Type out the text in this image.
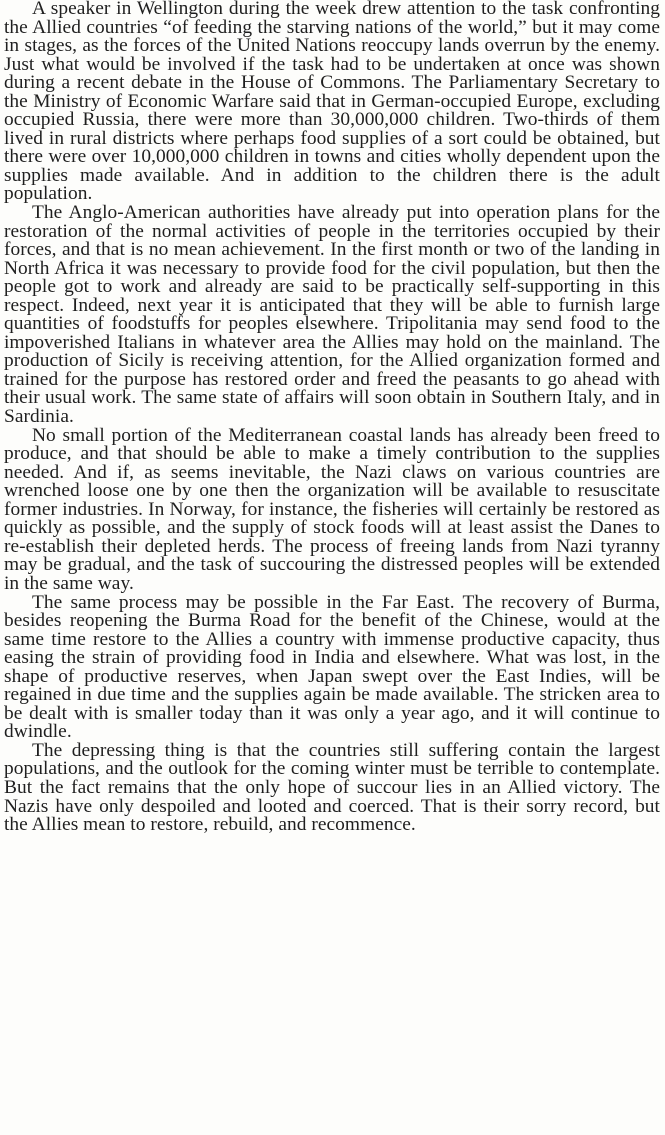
A speaker in Wellington during the week drew attention to the task confronting the Allied countries “of feeding the starving nations of the world,” but it may come in stages, as the forces of the United Nations reoccupy lands overrun by the enemy. Just what would be involved if the task had to be undertaken at once was shown during a recent debate in the House of Commons. The Parliamentary Secretary to the Ministry of Economic Warfare said that in German-occupied Europe, excluding occupied Russia, there were more than 30,000,000 children. Two-thirds of them lived in rural districts where perhaps food supplies of a sort could be obtained, but there were over 10,000,000 children in towns and cities wholly dependent upon the supplies made available. And in addition to the children there is the adult population.

The Anglo-American authorities have already put into operation plans for the restoration of the normal activities of people in the territories occupied by their forces, and that is no mean achievement. In the first month or two of the landing in North Africa it was necessary to provide food for the civil population, but then the people got to work and already are said to be practically self-supporting in this respect. Indeed, next year it is anticipated that they will be able to furnish large quantities of foodstuffs for peoples elsewhere. Tripolitania may send food to the impoverished Italians in whatever area the Allies may hold on the mainland. The production of Sicily is receiving attention, for the Allied organization formed and trained for the purpose has restored order and freed the peasants to go ahead with their usual work. The same state of affairs will soon obtain in Southern Italy, and in Sardinia.

No small portion of the Mediterranean coastal lands has already been freed to produce, and that should be able to make a timely contribution to the supplies needed. And if, as seems inevitable, the Nazi claws on various countries are wrenched loose one by one then the organization will be available to resuscitate former industries. In Norway, for instance, the fisheries will certainly be restored as quickly as possible, and the supply of stock foods will at least assist the Danes to re-establish their depleted herds. The process of freeing lands from Nazi tyranny may be gradual, and the task of succouring the distressed peoples will be extended in the same way.

The same process may be possible in the Far East. The recovery of Burma, besides reopening the Burma Road for the benefit of the Chinese, would at the same time restore to the Allies a country with immense productive capacity, thus easing the strain of providing food in India and elsewhere. What was lost, in the shape of productive reserves, when Japan swept over the East Indies, will be regained in due time and the supplies again be made available. The stricken area to be dealt with is smaller today than it was only a year ago, and it will continue to dwindle.

The depressing thing is that the countries still suffering contain the largest populations, and the outlook for the coming winter must be terrible to contemplate. But the fact remains that the only hope of succour lies in an Allied victory. The Nazis have only despoiled and looted and coerced. That is their sorry record, but the Allies mean to restore, rebuild, and recommence.
